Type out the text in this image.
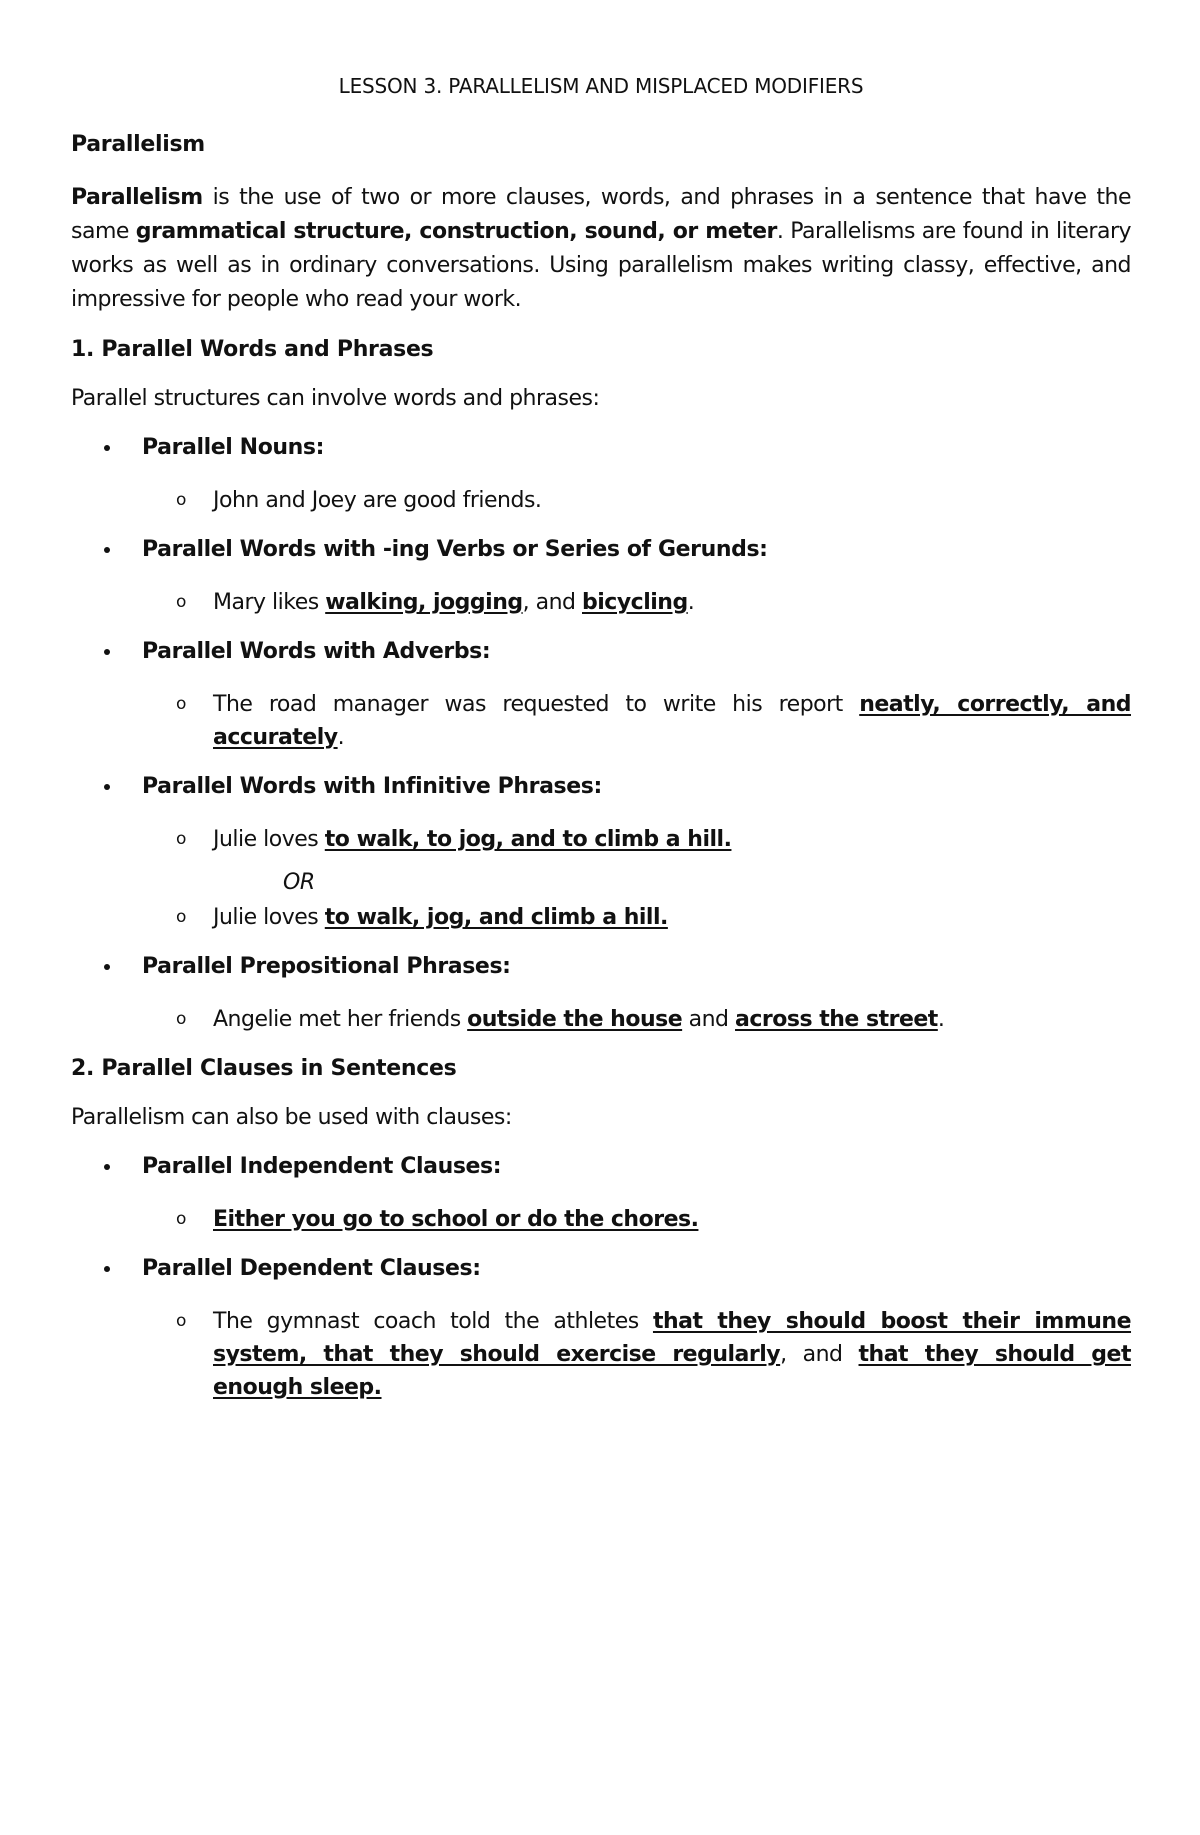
LESSON 3. PARALLELISM AND MISPLACED MODIFIERS

Parallelism

Parallelism is the use of two or more clauses, words, and phrases in a sentence that have the same grammatical structure, construction, sound, or meter. Parallelisms are found in literary works as well as in ordinary conversations. Using parallelism makes writing classy, effective, and impressive for people who read your work.

1. Parallel Words and Phrases

Parallel structures can involve words and phrases:

Parallel Nouns:
o John and Joey are good friends.
Parallel Words with -ing Verbs or Series of Gerunds:
o Mary likes walking, jogging, and bicycling.
Parallel Words with Adverbs:
o The road manager was requested to write his report neatly, correctly, and accurately.
Parallel Words with Infinitive Phrases:
o Julie loves to walk, to jog, and to climb a hill.

OR

o Julie loves to walk, jog, and climb a hill.
Parallel Prepositional Phrases:
o Angelie met her friends outside the house and across the street.

2. Parallel Clauses in Sentences

Parallelism can also be used with clauses:

Parallel Independent Clauses:
o Either you go to school or do the chores.
Parallel Dependent Clauses:
o The gymnast coach told the athletes that they should boost their immune system, that they should exercise regularly, and that they should get enough sleep.
